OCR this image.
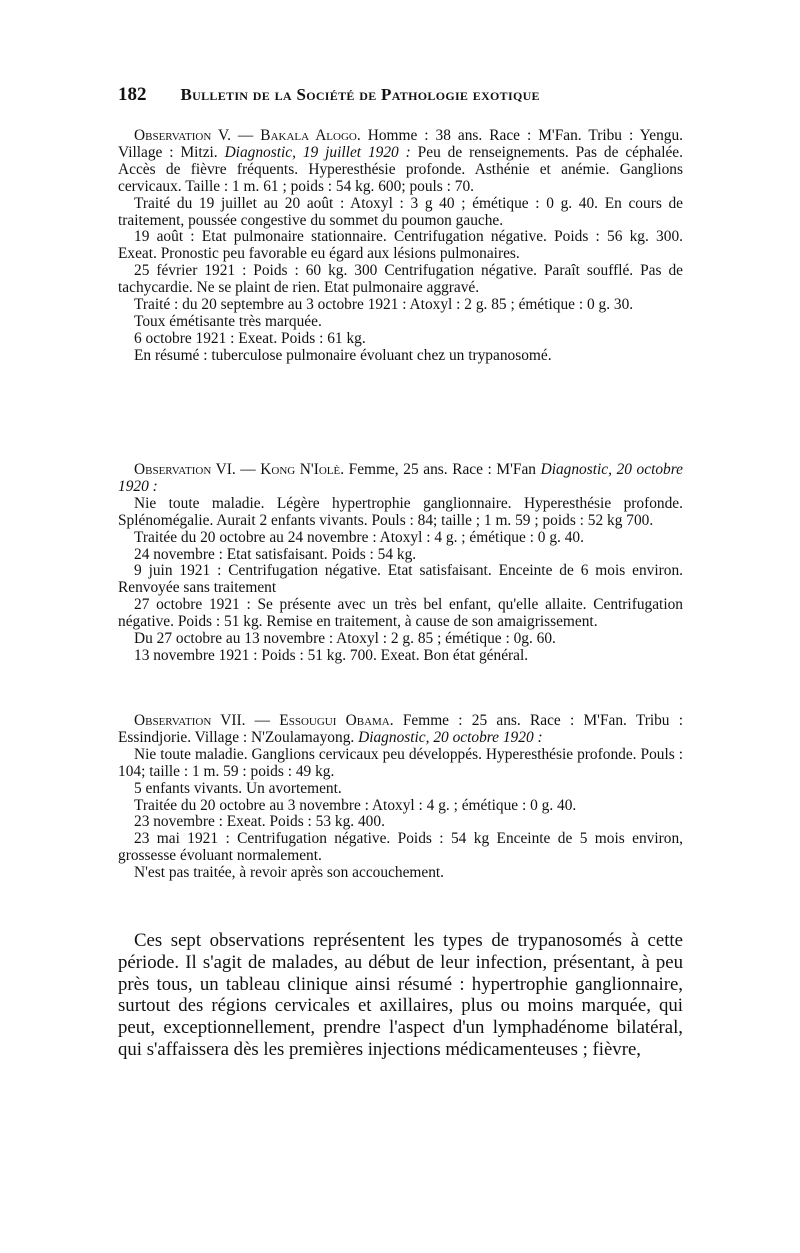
182 Bulletin de la Société de Pathologie exotique

Observation V. — Bakala Alogo. Homme : 38 ans. Race : M'Fan. Tribu : Yengu. Village : Mitzi. Diagnostic, 19 juillet 1920 : Peu de renseignements. Pas de céphalée. Accès de fièvre fréquents. Hyperesthésie profonde. Asthénie et anémie. Ganglions cervicaux. Taille : 1 m. 61 ; poids : 54 kg. 600; pouls : 70.

Traité du 19 juillet au 20 août : Atoxyl : 3 g 40 ; émétique : 0 g. 40. En cours de traitement, poussée congestive du sommet du poumon gauche.

19 août : Etat pulmonaire stationnaire. Centrifugation négative. Poids : 56 kg. 300. Exeat. Pronostic peu favorable eu égard aux lésions pulmonaires.

25 février 1921 : Poids : 60 kg. 300 Centrifugation négative. Paraît soufflé. Pas de tachycardie. Ne se plaint de rien. Etat pulmonaire aggravé.

Traité : du 20 septembre au 3 octobre 1921 : Atoxyl : 2 g. 85 ; émétique : 0 g. 30.

Toux émétisante très marquée.

6 octobre 1921 : Exeat. Poids : 61 kg.

En résumé : tuberculose pulmonaire évoluant chez un trypanosomé.

Observation VI. — Kong N'Iolè. Femme, 25 ans. Race : M'Fan Diagnostic, 20 octobre 1920 :

Nie toute maladie. Légère hypertrophie ganglionnaire. Hyperesthésie profonde. Splénomégalie. Aurait 2 enfants vivants. Pouls : 84; taille ; 1 m. 59 ; poids : 52 kg 700.

Traitée du 20 octobre au 24 novembre : Atoxyl : 4 g. ; émétique : 0 g. 40.

24 novembre : Etat satisfaisant. Poids : 54 kg.

9 juin 1921 : Centrifugation négative. Etat satisfaisant. Enceinte de 6 mois environ. Renvoyée sans traitement

27 octobre 1921 : Se présente avec un très bel enfant, qu'elle allaite. Centrifugation négative. Poids : 51 kg. Remise en traitement, à cause de son amaigrissement.

Du 27 octobre au 13 novembre : Atoxyl : 2 g. 85 ; émétique : 0g. 60.

13 novembre 1921 : Poids : 51 kg. 700. Exeat. Bon état général.

Observation VII. — Essougui Obama. Femme : 25 ans. Race : M'Fan. Tribu : Essindjorie. Village : N'Zoulamayong. Diagnostic, 20 octobre 1920 :

Nie toute maladie. Ganglions cervicaux peu développés. Hyperesthésie profonde. Pouls : 104; taille : 1 m. 59 : poids : 49 kg.

5 enfants vivants. Un avortement.

Traitée du 20 octobre au 3 novembre : Atoxyl : 4 g. ; émétique : 0 g. 40.

23 novembre : Exeat. Poids : 53 kg. 400.

23 mai 1921 : Centrifugation négative. Poids : 54 kg Enceinte de 5 mois environ, grossesse évoluant normalement.

N'est pas traitée, à revoir après son accouchement.

Ces sept observations représentent les types de trypanosomés à cette période. Il s'agit de malades, au début de leur infection, présentant, à peu près tous, un tableau clinique ainsi résumé : hypertrophie ganglionnaire, surtout des régions cervicales et axillaires, plus ou moins marquée, qui peut, exceptionnellement, prendre l'aspect d'un lymphadénome bilatéral, qui s'affaissera dès les premières injections médicamenteuses ; fièvre,
